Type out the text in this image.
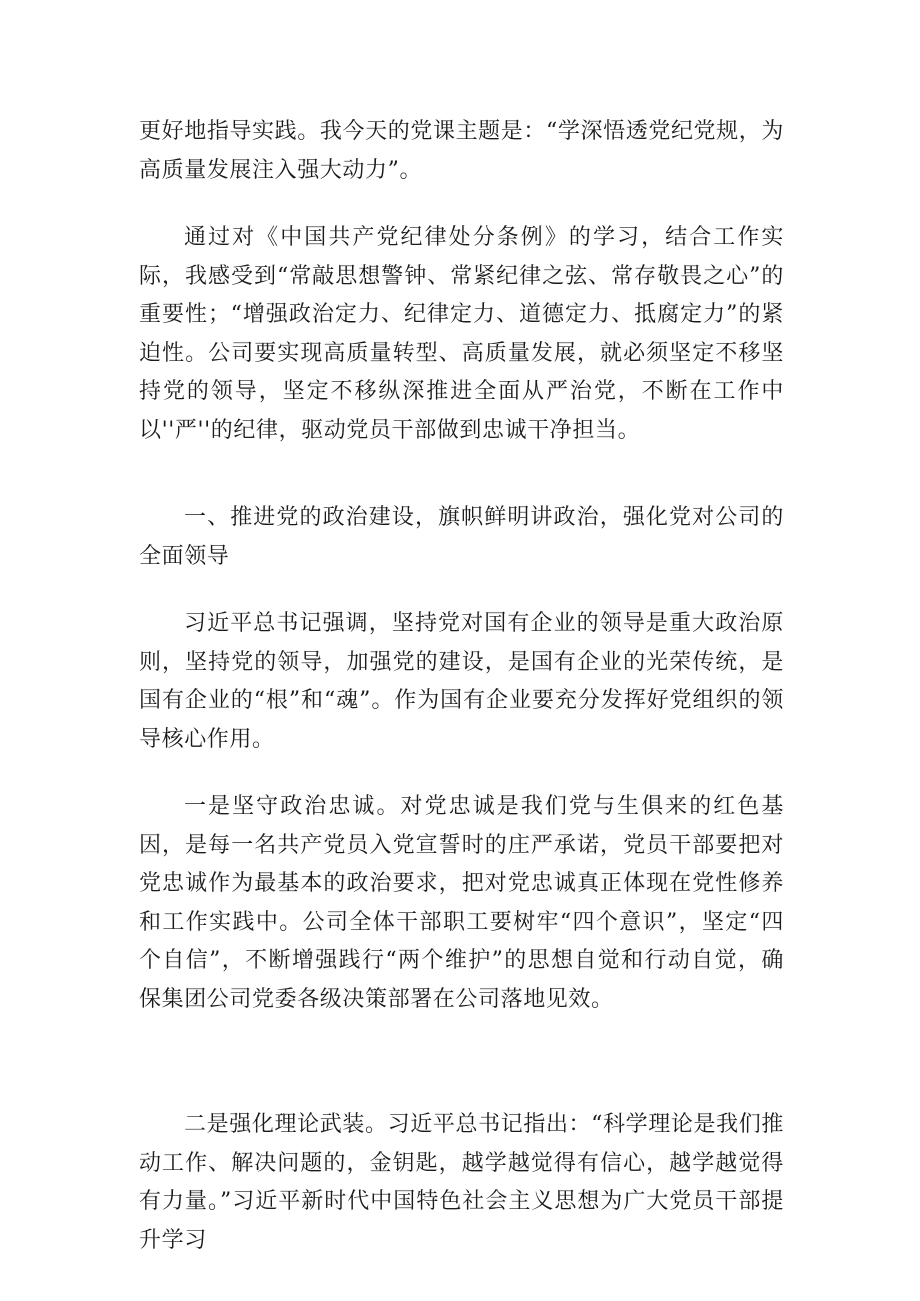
更好地指导实践。我今天的党课主题是：“学深悟透党纪党规，为高质量发展注入强大动力”。

通过对《中国共产党纪律处分条例》的学习，结合工作实际，我感受到“常敲思想警钟、常紧纪律之弦、常存敬畏之心”的重要性；“增强政治定力、纪律定力、道德定力、抵腐定力”的紧迫性。公司要实现高质量转型、高质量发展，就必须坚定不移坚持党的领导，坚定不移纵深推进全面从严治党，不断在工作中以''严''的纪律，驱动党员干部做到忠诚干净担当。

一、推进党的政治建设，旗帜鲜明讲政治，强化党对公司的全面领导

习近平总书记强调，坚持党对国有企业的领导是重大政治原则，坚持党的领导，加强党的建设，是国有企业的光荣传统，是国有企业的“根”和“魂”。作为国有企业要充分发挥好党组织的领导核心作用。

一是坚守政治忠诚。对党忠诚是我们党与生俱来的红色基因，是每一名共产党员入党宣誓时的庄严承诺，党员干部要把对党忠诚作为最基本的政治要求，把对党忠诚真正体现在党性修养和工作实践中。公司全体干部职工要树牢“四个意识”，坚定“四个自信”，不断增强践行“两个维护”的思想自觉和行动自觉，确保集团公司党委各级决策部署在公司落地见效。

二是强化理论武装。习近平总书记指出：“科学理论是我们推动工作、解决问题的，金钥匙，越学越觉得有信心，越学越觉得有力量。”习近平新时代中国特色社会主义思想为广大党员干部提升学习
